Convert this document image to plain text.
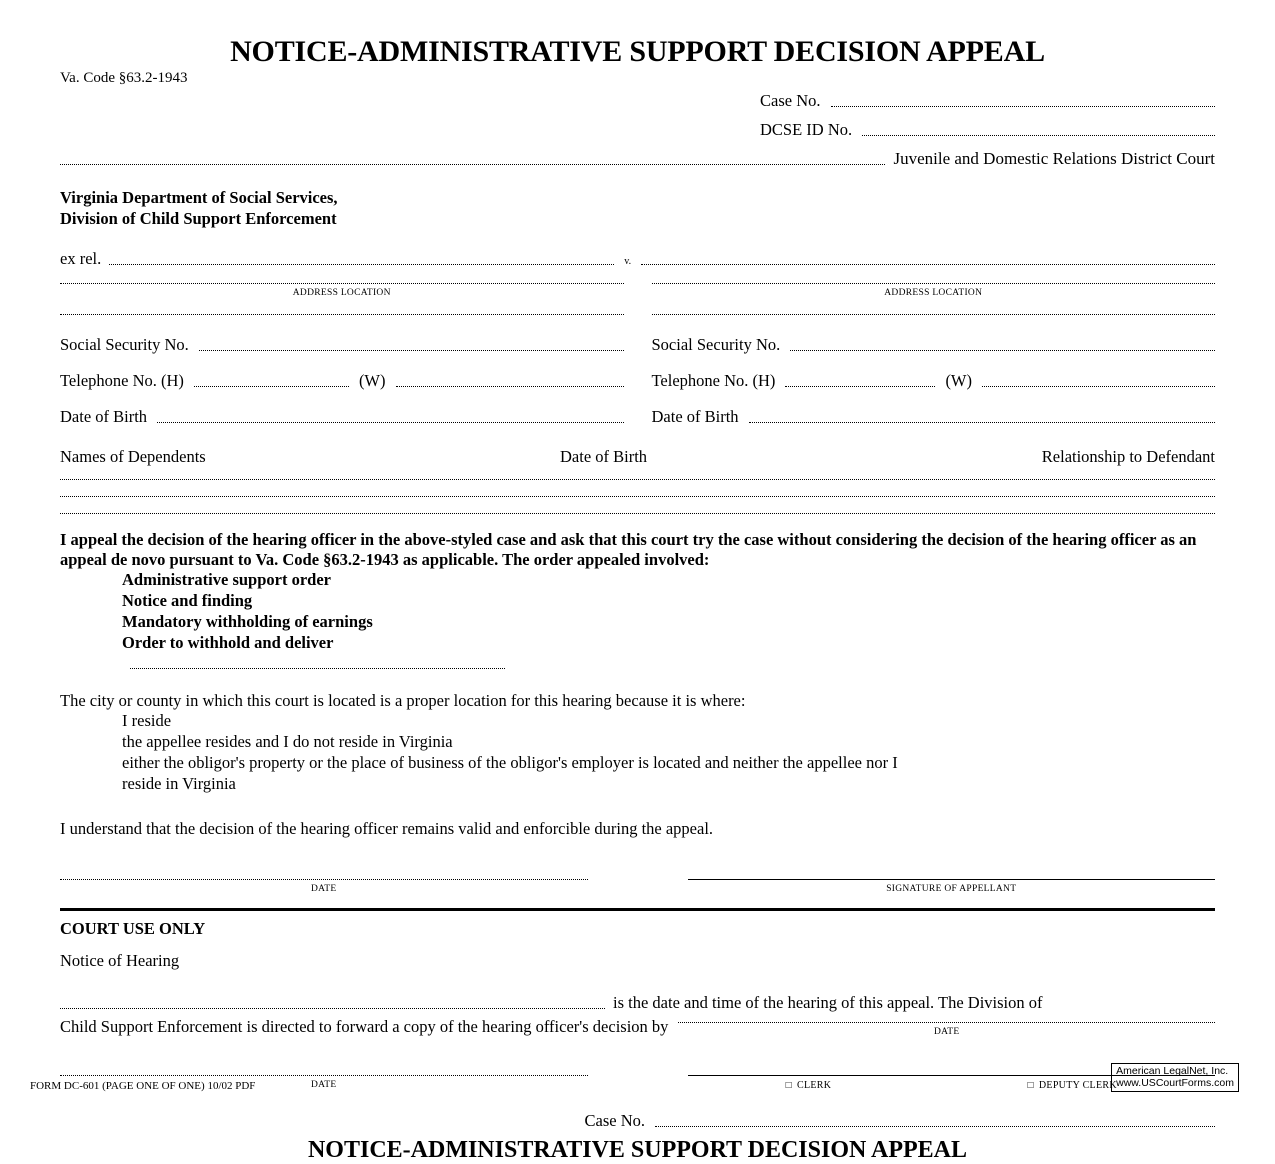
NOTICE-ADMINISTRATIVE SUPPORT DECISION APPEAL
Va. Code §63.2-1943
Case No.
DCSE ID No.
Juvenile and Domestic Relations District Court
Virginia Department of Social Services,
Division of Child Support Enforcement
ex rel.	v.
ADDRESS LOCATION	ADDRESS LOCATION
Social Security No.	Social Security No.
Telephone No. (H)	(W)	Telephone No. (H)	(W)
Date of Birth	Date of Birth
Names of Dependents	Date of Birth	Relationship to Defendant
I appeal the decision of the hearing officer in the above-styled case and ask that this court try the case without considering the decision of the hearing officer as an appeal de novo pursuant to Va. Code §63.2-1943 as applicable. The order appealed involved:
Administrative support order
Notice and finding
Mandatory withholding of earnings
Order to withhold and deliver
The city or county in which this court is located is a proper location for this hearing because it is where:
I reside
the appellee resides and I do not reside in Virginia
either the obligor's property or the place of business of the obligor's employer is located and neither the appellee nor I
reside in Virginia
I understand that the decision of the hearing officer remains valid and enforcible during the appeal.
DATE	SIGNATURE OF APPELLANT
COURT USE ONLY
Notice of Hearing
is the date and time of the hearing of this appeal. The Division of
Child Support Enforcement is directed to forward a copy of the hearing officer's decision by	DATE
DATE	□ CLERK	□ DEPUTY CLERK
Case No.
NOTICE-ADMINISTRATIVE SUPPORT DECISION APPEAL
FORM DC-601 (PAGE ONE OF ONE) 10/02 PDF
American LegalNet, Inc.
www.USCourtForms.com
